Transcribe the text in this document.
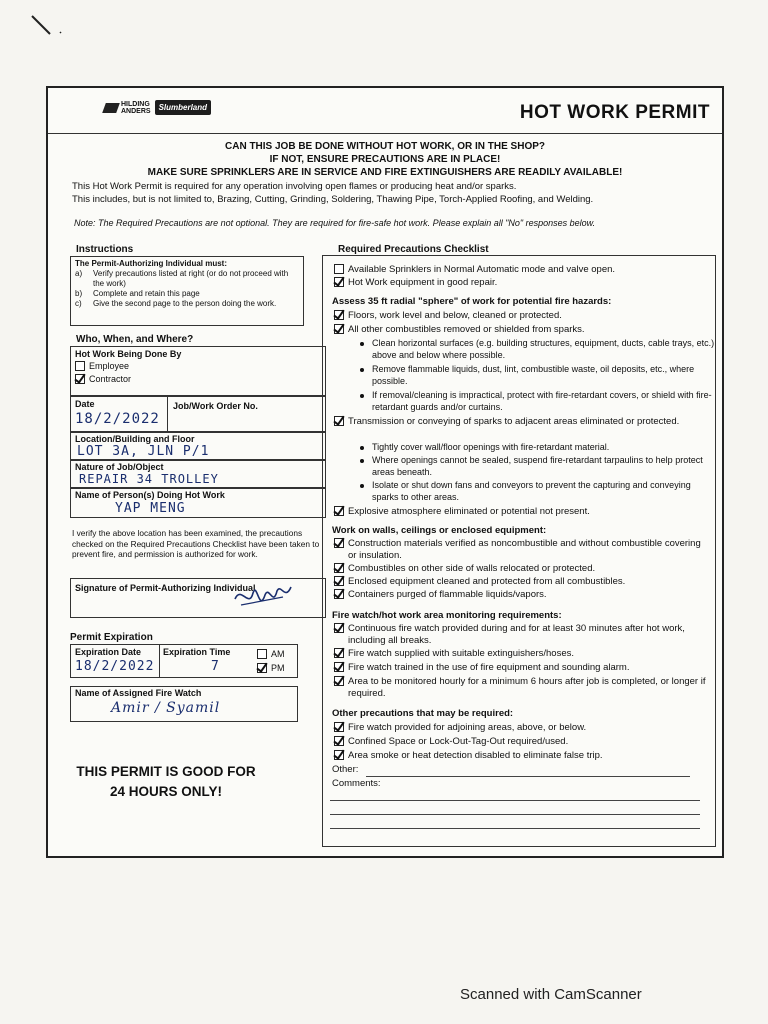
HILDING
ANDERS	Slumberland	HOT WORK PERMIT
CAN THIS JOB BE DONE WITHOUT HOT WORK, OR IN THE SHOP?
IF NOT, ENSURE PRECAUTIONS ARE IN PLACE!
MAKE SURE SPRINKLERS ARE IN SERVICE AND FIRE EXTINGUISHERS ARE READILY AVAILABLE!
This Hot Work Permit is required for any operation involving open flames or producing heat and/or sparks.
This includes, but is not limited to, Brazing, Cutting, Grinding, Soldering, Thawing Pipe, Torch-Applied Roofing, and Welding.
Note: The Required Precautions are not optional. They are required for fire-safe hot work. Please explain all "No" responses below.
Instructions
The Permit-Authorizing Individual must:
a)	Verify precautions listed at right (or do not proceed with the work)
b)	Complete and retain this page
c)	Give the second page to the person doing the work.
Who, When, and Where?
Hot Work Being Done By
Employee
Contractor
Date
18/2/2022
Job/Work Order No.
Location/Building and Floor
LOT 3A, JLN P/1
Nature of Job/Object
REPAIR 34 TROLLEY
Name of Person(s) Doing Hot Work
YAP MENG
I verify the above location has been examined, the precautions checked on the Required Precautions Checklist have been taken to prevent fire, and permission is authorized for work.
Signature of Permit-Authorizing Individual
Permit Expiration
Expiration Date
18/2/2022
Expiration Time
7
AM
PM
Name of Assigned Fire Watch
Amir / Syamil
THIS PERMIT IS GOOD FOR
24 HOURS ONLY!
Required Precautions Checklist
Available Sprinklers in Normal Automatic mode and valve open.
Hot Work equipment in good repair.
Assess 35 ft radial "sphere" of work for potential fire hazards:
Floors, work level and below, cleaned or protected.
All other combustibles removed or shielded from sparks.
Clean horizontal surfaces (e.g. building structures, equipment, ducts, cable trays, etc.) above and below where possible.
Remove flammable liquids, dust, lint, combustible waste, oil deposits, etc., where possible.
If removal/cleaning is impractical, protect with fire-retardant covers, or shield with fire-retardant guards and/or curtains.
Transmission or conveying of sparks to adjacent areas eliminated or protected.
Tightly cover wall/floor openings with fire-retardant material.
Where openings cannot be sealed, suspend fire-retardant tarpaulins to help protect areas beneath.
Isolate or shut down fans and conveyors to prevent the capturing and conveying sparks to other areas.
Explosive atmosphere eliminated or potential not present.
Work on walls, ceilings or enclosed equipment:
Construction materials verified as noncombustible and without combustible covering or insulation.
Combustibles on other side of walls relocated or protected.
Enclosed equipment cleaned and protected from all combustibles.
Containers purged of flammable liquids/vapors.
Fire watch/hot work area monitoring requirements:
Continuous fire watch provided during and for at least 30 minutes after hot work, including all breaks.
Fire watch supplied with suitable extinguishers/hoses.
Fire watch trained in the use of fire equipment and sounding alarm.
Area to be monitored hourly for a minimum 6 hours after job is completed, or longer if required.
Other precautions that may be required:
Fire watch provided for adjoining areas, above, or below.
Confined Space or Lock-Out-Tag-Out required/used.
Area smoke or heat detection disabled to eliminate false trip.
Other:
Comments:
Scanned with CamScanner
